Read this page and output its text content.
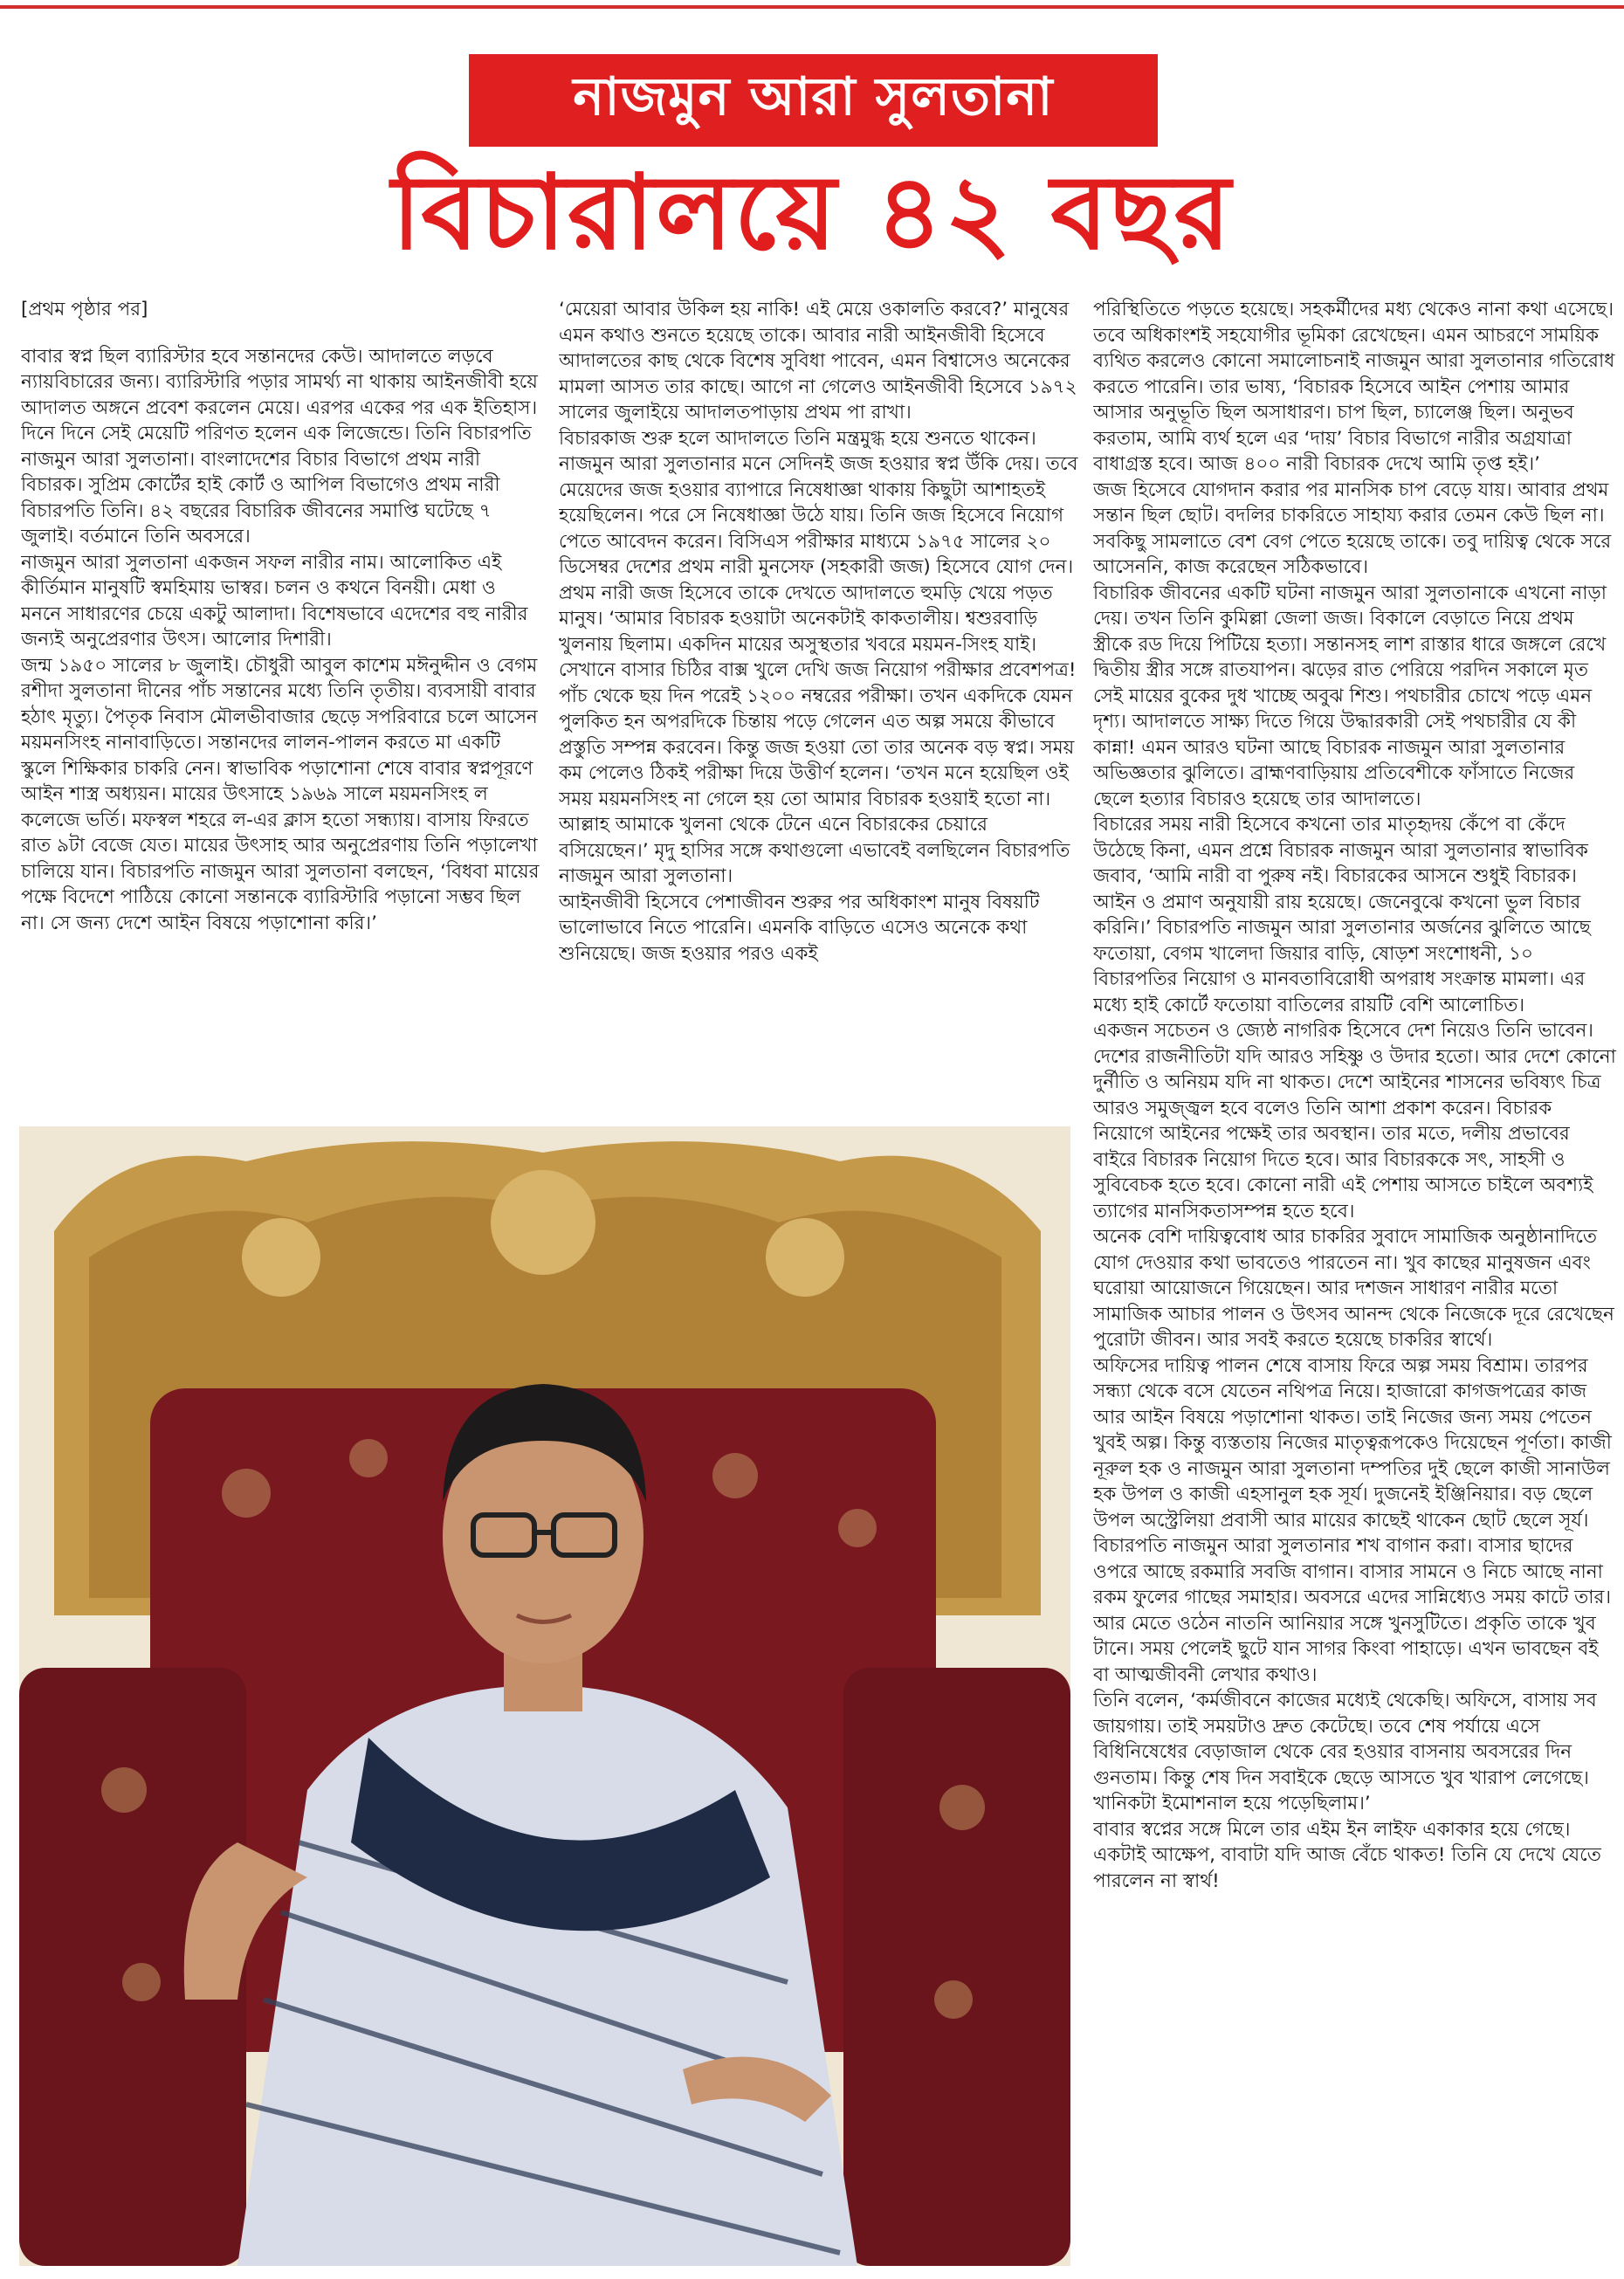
নাজমুন আরা সুলতানা
বিচারালয়ে ৪২ বছর

[প্রথম পৃষ্ঠার পর]

বাবার স্বপ্ন ছিল ব্যারিস্টার হবে সন্তানদের কেউ। আদালতে লড়বে ন্যায়বিচারের জন্য। ব্যারিস্টারি পড়ার সামর্থ্য না থাকায় আইনজীবী হয়ে আদালত অঙ্গনে প্রবেশ করলেন মেয়ে। এরপর একের পর এক ইতিহাস। দিনে দিনে সেই মেয়েটি পরিণত হলেন এক লিজেন্ডে। তিনি বিচারপতি নাজমুন আরা সুলতানা। বাংলাদেশের বিচার বিভাগে প্রথম নারী বিচারক। সুপ্রিম কোর্টের হাই কোর্ট ও আপিল বিভাগেও প্রথম নারী বিচারপতি তিনি। ৪২ বছরের বিচারিক জীবনের সমাপ্তি ঘটেছে ৭ জুলাই। বর্তমানে তিনি অবসরে।

নাজমুন আরা সুলতানা একজন সফল নারীর নাম। আলোকিত এই কীর্তিমান মানুষটি স্বমহিমায় ভাস্বর। চলন ও কথনে বিনয়ী। মেধা ও মননে সাধারণের চেয়ে একটু আলাদা। বিশেষভাবে এদেশের বহু নারীর জন্যই অনুপ্রেরণার উৎস। আলোর দিশারী।

জন্ম ১৯৫০ সালের ৮ জুলাই। চৌধুরী আবুল কাশেম মঈনুদ্দীন ও বেগম রশীদা সুলতানা দীনের পাঁচ সন্তানের মধ্যে তিনি তৃতীয়। ব্যবসায়ী বাবার হঠাৎ মৃত্যু। পৈতৃক নিবাস মৌলভীবাজার ছেড়ে সপরিবারে চলে আসেন ময়মনসিংহ নানাবাড়িতে। সন্তানদের লালন-পালন করতে মা একটি স্কুলে শিক্ষিকার চাকরি নেন। স্বাভাবিক পড়াশোনা শেষে বাবার স্বপ্নপূরণে আইন শাস্ত্র অধ্যয়ন। মায়ের উৎসাহে ১৯৬৯ সালে ময়মনসিংহ ল কলেজে ভর্তি। মফস্বল শহরে ল-এর ক্লাস হতো সন্ধ্যায়। বাসায় ফিরতে রাত ৯টা বেজে যেত। মায়ের উৎসাহ আর অনুপ্রেরণায় তিনি পড়ালেখা চালিয়ে যান। বিচারপতি নাজমুন আরা সুলতানা বলছেন, ‘বিধবা মায়ের পক্ষে বিদেশে পাঠিয়ে কোনো সন্তানকে ব্যারিস্টারি পড়ানো সম্ভব ছিল না। সে জন্য দেশে আইন বিষয়ে পড়াশোনা করি।’

‘মেয়েরা আবার উকিল হয় নাকি! এই মেয়ে ওকালতি করবে?’ মানুষের এমন কথাও শুনতে হয়েছে তাকে। আবার নারী আইনজীবী হিসেবে আদালতের কাছ থেকে বিশেষ সুবিধা পাবেন, এমন বিশ্বাসেও অনেকের মামলা আসত তার কাছে। আগে না গেলেও আইনজীবী হিসেবে ১৯৭২ সালের জুলাইয়ে আদালতপাড়ায় প্রথম পা রাখা।

বিচারকাজ শুরু হলে আদালতে তিনি মন্ত্রমুগ্ধ হয়ে শুনতে থাকেন। নাজমুন আরা সুলতানার মনে সেদিনই জজ হওয়ার স্বপ্ন উঁকি দেয়। তবে মেয়েদের জজ হওয়ার ব্যাপারে নিষেধাজ্ঞা থাকায় কিছুটা আশাহতই হয়েছিলেন। পরে সে নিষেধাজ্ঞা উঠে যায়। তিনি জজ হিসেবে নিয়োগ পেতে আবেদন করেন। বিসিএস পরীক্ষার মাধ্যমে ১৯৭৫ সালের ২০ ডিসেম্বর দেশের প্রথম নারী মুনসেফ (সহকারী জজ) হিসেবে যোগ দেন। প্রথম নারী জজ হিসেবে তাকে দেখতে আদালতে হুমড়ি খেয়ে পড়ত মানুষ। ‘আমার বিচারক হওয়াটা অনেকটাই কাকতালীয়। শ্বশুরবাড়ি খুলনায় ছিলাম। একদিন মায়ের অসুস্থতার খবরে ময়মন-সিংহ যাই। সেখানে বাসার চিঠির বাক্স খুলে দেখি জজ নিয়োগ পরীক্ষার প্রবেশপত্র! পাঁচ থেকে ছয় দিন পরেই ১২০০ নম্বরের পরীক্ষা। তখন একদিকে যেমন পুলকিত হন অপরদিকে চিন্তায় পড়ে গেলেন এত অল্প সময়ে কীভাবে প্রস্তুতি সম্পন্ন করবেন। কিন্তু জজ হওয়া তো তার অনেক বড় স্বপ্ন। সময় কম পেলেও ঠিকই পরীক্ষা দিয়ে উত্তীর্ণ হলেন। ‘তখন মনে হয়েছিল ওই সময় ময়মনসিংহ না গেলে হয় তো আমার বিচারক হওয়াই হতো না। আল্লাহ আমাকে খুলনা থেকে টেনে এনে বিচারকের চেয়ারে বসিয়েছেন।’ মৃদু হাসির সঙ্গে কথাগুলো এভাবেই বলছিলেন বিচারপতি নাজমুন আরা সুলতানা।

আইনজীবী হিসেবে পেশাজীবন শুরুর পর অধিকাংশ মানুষ বিষয়টি ভালোভাবে নিতে পারেনি। এমনকি বাড়িতে এসেও অনেকে কথা শুনিয়েছে। জজ হওয়ার পরও একই

পরিস্থিতিতে পড়তে হয়েছে। সহকর্মীদের মধ্য থেকেও নানা কথা এসেছে। তবে অধিকাংশই সহযোগীর ভূমিকা রেখেছেন। এমন আচরণে সাময়িক ব্যথিত করলেও কোনো সমালোচনাই নাজমুন আরা সুলতানার গতিরোধ করতে পারেনি। তার ভাষ্য, ‘বিচারক হিসেবে আইন পেশায় আমার আসার অনুভূতি ছিল অসাধারণ। চাপ ছিল, চ্যালেঞ্জ ছিল। অনুভব করতাম, আমি ব্যর্থ হলে এর ‘দায়’ বিচার বিভাগে নারীর অগ্রযাত্রা বাধাগ্রস্ত হবে। আজ ৪০০ নারী বিচারক দেখে আমি তৃপ্ত হই।’

জজ হিসেবে যোগদান করার পর মানসিক চাপ বেড়ে যায়। আবার প্রথম সন্তান ছিল ছোট। বদলির চাকরিতে সাহায্য করার তেমন কেউ ছিল না। সবকিছু সামলাতে বেশ বেগ পেতে হয়েছে তাকে। তবু দায়িত্ব থেকে সরে আসেননি, কাজ করেছেন সঠিকভাবে।

বিচারিক জীবনের একটি ঘটনা নাজমুন আরা সুলতানাকে এখনো নাড়া দেয়। তখন তিনি কুমিল্লা জেলা জজ। বিকালে বেড়াতে নিয়ে প্রথম স্ত্রীকে রড দিয়ে পিটিয়ে হত্যা। সন্তানসহ লাশ রাস্তার ধারে জঙ্গলে রেখে দ্বিতীয় স্ত্রীর সঙ্গে রাতযাপন। ঝড়ের রাত পেরিয়ে পরদিন সকালে মৃত সেই মায়ের বুকের দুধ খাচ্ছে অবুঝ শিশু। পথচারীর চোখে পড়ে এমন দৃশ্য। আদালতে সাক্ষ্য দিতে গিয়ে উদ্ধারকারী সেই পথচারীর যে কী কান্না! এমন আরও ঘটনা আছে বিচারক নাজমুন আরা সুলতানার অভিজ্ঞতার ঝুলিতে। ব্রাহ্মণবাড়িয়ায় প্রতিবেশীকে ফাঁসাতে নিজের ছেলে হত্যার বিচারও হয়েছে তার আদালতে।

বিচারের সময় নারী হিসেবে কখনো তার মাতৃহৃদয় কেঁপে বা কেঁদে উঠেছে কিনা, এমন প্রশ্নে বিচারক নাজমুন আরা সুলতানার স্বাভাবিক জবাব, ‘আমি নারী বা পুরুষ নই। বিচারকের আসনে শুধুই বিচারক। আইন ও প্রমাণ অনুযায়ী রায় হয়েছে। জেনেবুঝে কখনো ভুল বিচার করিনি।’ বিচারপতি নাজমুন আরা সুলতানার অর্জনের ঝুলিতে আছে ফতোয়া, বেগম খালেদা জিয়ার বাড়ি, ষোড়শ সংশোধনী, ১০ বিচারপতির নিয়োগ ও মানবতাবিরোধী অপরাধ সংক্রান্ত মামলা। এর মধ্যে হাই কোর্টে ফতোয়া বাতিলের রায়টি বেশি আলোচিত।

একজন সচেতন ও জ্যেষ্ঠ নাগরিক হিসেবে দেশ নিয়েও তিনি ভাবেন। দেশের রাজনীতিটা যদি আরও সহিষ্ণু ও উদার হতো। আর দেশে কোনো দুর্নীতি ও অনিয়ম যদি না থাকত। দেশে আইনের শাসনের ভবিষ্যৎ চিত্র আরও সমুজ্জ্বল হবে বলেও তিনি আশা প্রকাশ করেন। বিচারক নিয়োগে আইনের পক্ষেই তার অবস্থান। তার মতে, দলীয় প্রভাবের বাইরে বিচারক নিয়োগ দিতে হবে। আর বিচারককে সৎ, সাহসী ও সুবিবেচক হতে হবে। কোনো নারী এই পেশায় আসতে চাইলে অবশ্যই ত্যাগের মানসিকতাসম্পন্ন হতে হবে।

অনেক বেশি দায়িত্ববোধ আর চাকরির সুবাদে সামাজিক অনুষ্ঠানাদিতে যোগ দেওয়ার কথা ভাবতেও পারতেন না। খুব কাছের মানুষজন এবং ঘরোয়া আয়োজনে গিয়েছেন। আর দশজন সাধারণ নারীর মতো সামাজিক আচার পালন ও উৎসব আনন্দ থেকে নিজেকে দূরে রেখেছেন পুরোটা জীবন। আর সবই করতে হয়েছে চাকরির স্বার্থে।

অফিসের দায়িত্ব পালন শেষে বাসায় ফিরে অল্প সময় বিশ্রাম। তারপর সন্ধ্যা থেকে বসে যেতেন নথিপত্র নিয়ে। হাজারো কাগজপত্রের কাজ আর আইন বিষয়ে পড়াশোনা থাকত। তাই নিজের জন্য সময় পেতেন খুবই অল্প। কিন্তু ব্যস্ততায় নিজের মাতৃত্বরূপকেও দিয়েছেন পূর্ণতা। কাজী নূরুল হক ও নাজমুন আরা সুলতানা দম্পতির দুই ছেলে কাজী সানাউল হক উপল ও কাজী এহসানুল হক সূর্য। দুজনেই ইঞ্জিনিয়ার। বড় ছেলে উপল অস্ট্রেলিয়া প্রবাসী আর মায়ের কাছেই থাকেন ছোট ছেলে সূর্য।

বিচারপতি নাজমুন আরা সুলতানার শখ বাগান করা। বাসার ছাদের ওপরে আছে রকমারি সবজি বাগান। বাসার সামনে ও নিচে আছে নানা রকম ফুলের গাছের সমাহার। অবসরে এদের সান্নিধ্যেও সময় কাটে তার। আর মেতে ওঠেন নাতনি আনিয়ার সঙ্গে খুনসুটিতে। প্রকৃতি তাকে খুব টানে। সময় পেলেই ছুটে যান সাগর কিংবা পাহাড়ে। এখন ভাবছেন বই বা আত্মজীবনী লেখার কথাও।

তিনি বলেন, ‘কর্মজীবনে কাজের মধ্যেই থেকেছি। অফিসে, বাসায় সব জায়গায়। তাই সময়টাও দ্রুত কেটেছে। তবে শেষ পর্যায়ে এসে বিধিনিষেধের বেড়াজাল থেকে বের হওয়ার বাসনায় অবসরের দিন গুনতাম। কিন্তু শেষ দিন সবাইকে ছেড়ে আসতে খুব খারাপ লেগেছে। খানিকটা ইমোশনাল হয়ে পড়েছিলাম।’

বাবার স্বপ্নের সঙ্গে মিলে তার এইম ইন লাইফ একাকার হয়ে গেছে। একটাই আক্ষেপ, বাবাটা যদি আজ বেঁচে থাকত! তিনি যে দেখে যেতে পারলেন না স্বার্থ!
